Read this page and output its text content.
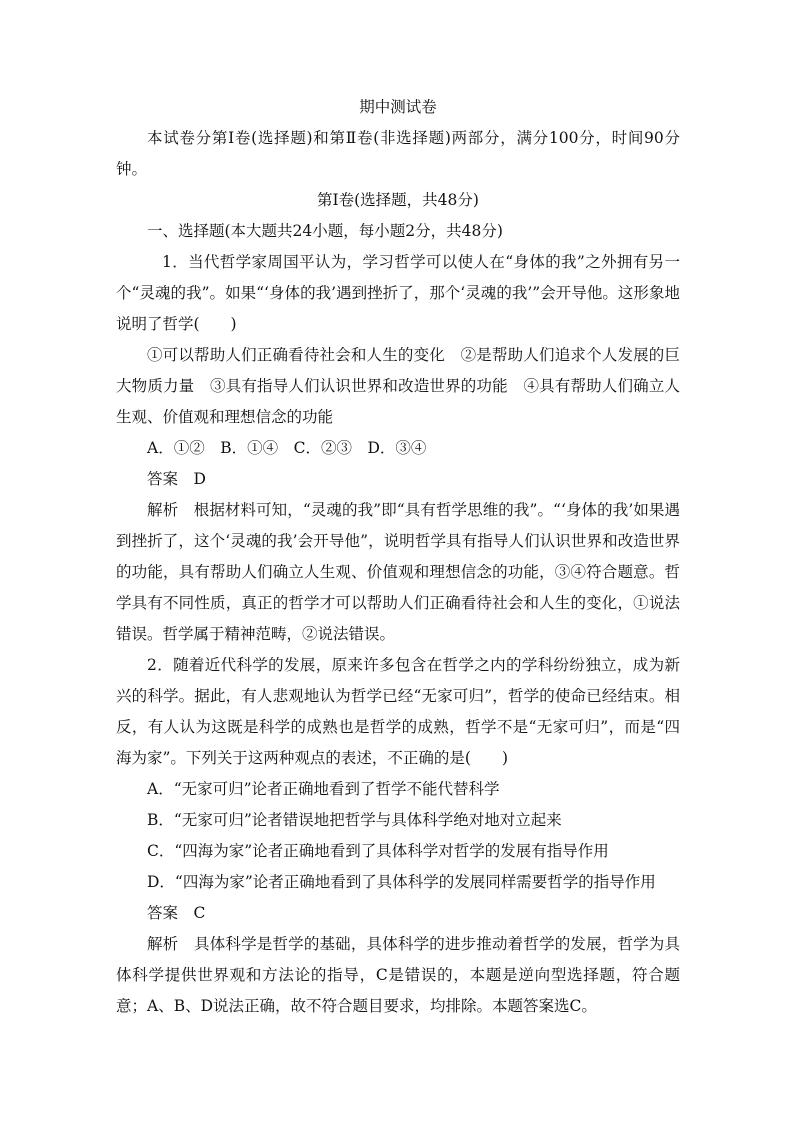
期中测试卷

本试卷分第Ⅰ卷(选择题)和第Ⅱ卷(非选择题)两部分，满分100分，时间90分钟。

第Ⅰ卷(选择题，共48分)

一、选择题(本大题共24小题，每小题2分，共48分)

1．当代哲学家周国平认为，学习哲学可以使人在“身体的我”之外拥有另一个“灵魂的我”。如果“‘身体的我’遇到挫折了，那个‘灵魂的我’”会开导他。这形象地说明了哲学(　　)

①可以帮助人们正确看待社会和人生的变化　②是帮助人们追求个人发展的巨大物质力量　③具有指导人们认识世界和改造世界的功能　④具有帮助人们确立人生观、价值观和理想信念的功能

A．①②　B．①④　C．②③　D．③④

答案　D

解析　根据材料可知，“灵魂的我”即“具有哲学思维的我”。“‘身体的我’如果遇到挫折了，这个‘灵魂的我’会开导他”，说明哲学具有指导人们认识世界和改造世界的功能，具有帮助人们确立人生观、价值观和理想信念的功能，③④符合题意。哲学具有不同性质，真正的哲学才可以帮助人们正确看待社会和人生的变化，①说法错误。哲学属于精神范畴，②说法错误。

2．随着近代科学的发展，原来许多包含在哲学之内的学科纷纷独立，成为新兴的科学。据此，有人悲观地认为哲学已经“无家可归”，哲学的使命已经结束。相反，有人认为这既是科学的成熟也是哲学的成熟，哲学不是“无家可归”，而是“四海为家”。下列关于这两种观点的表述，不正确的是(　　)

A．“无家可归”论者正确地看到了哲学不能代替科学

B．“无家可归”论者错误地把哲学与具体科学绝对地对立起来

C．“四海为家”论者正确地看到了具体科学对哲学的发展有指导作用

D．“四海为家”论者正确地看到了具体科学的发展同样需要哲学的指导作用

答案　C

解析　具体科学是哲学的基础，具体科学的进步推动着哲学的发展，哲学为具体科学提供世界观和方法论的指导，C是错误的，本题是逆向型选择题，符合题意；A、B、D说法正确，故不符合题目要求，均排除。本题答案选C。
